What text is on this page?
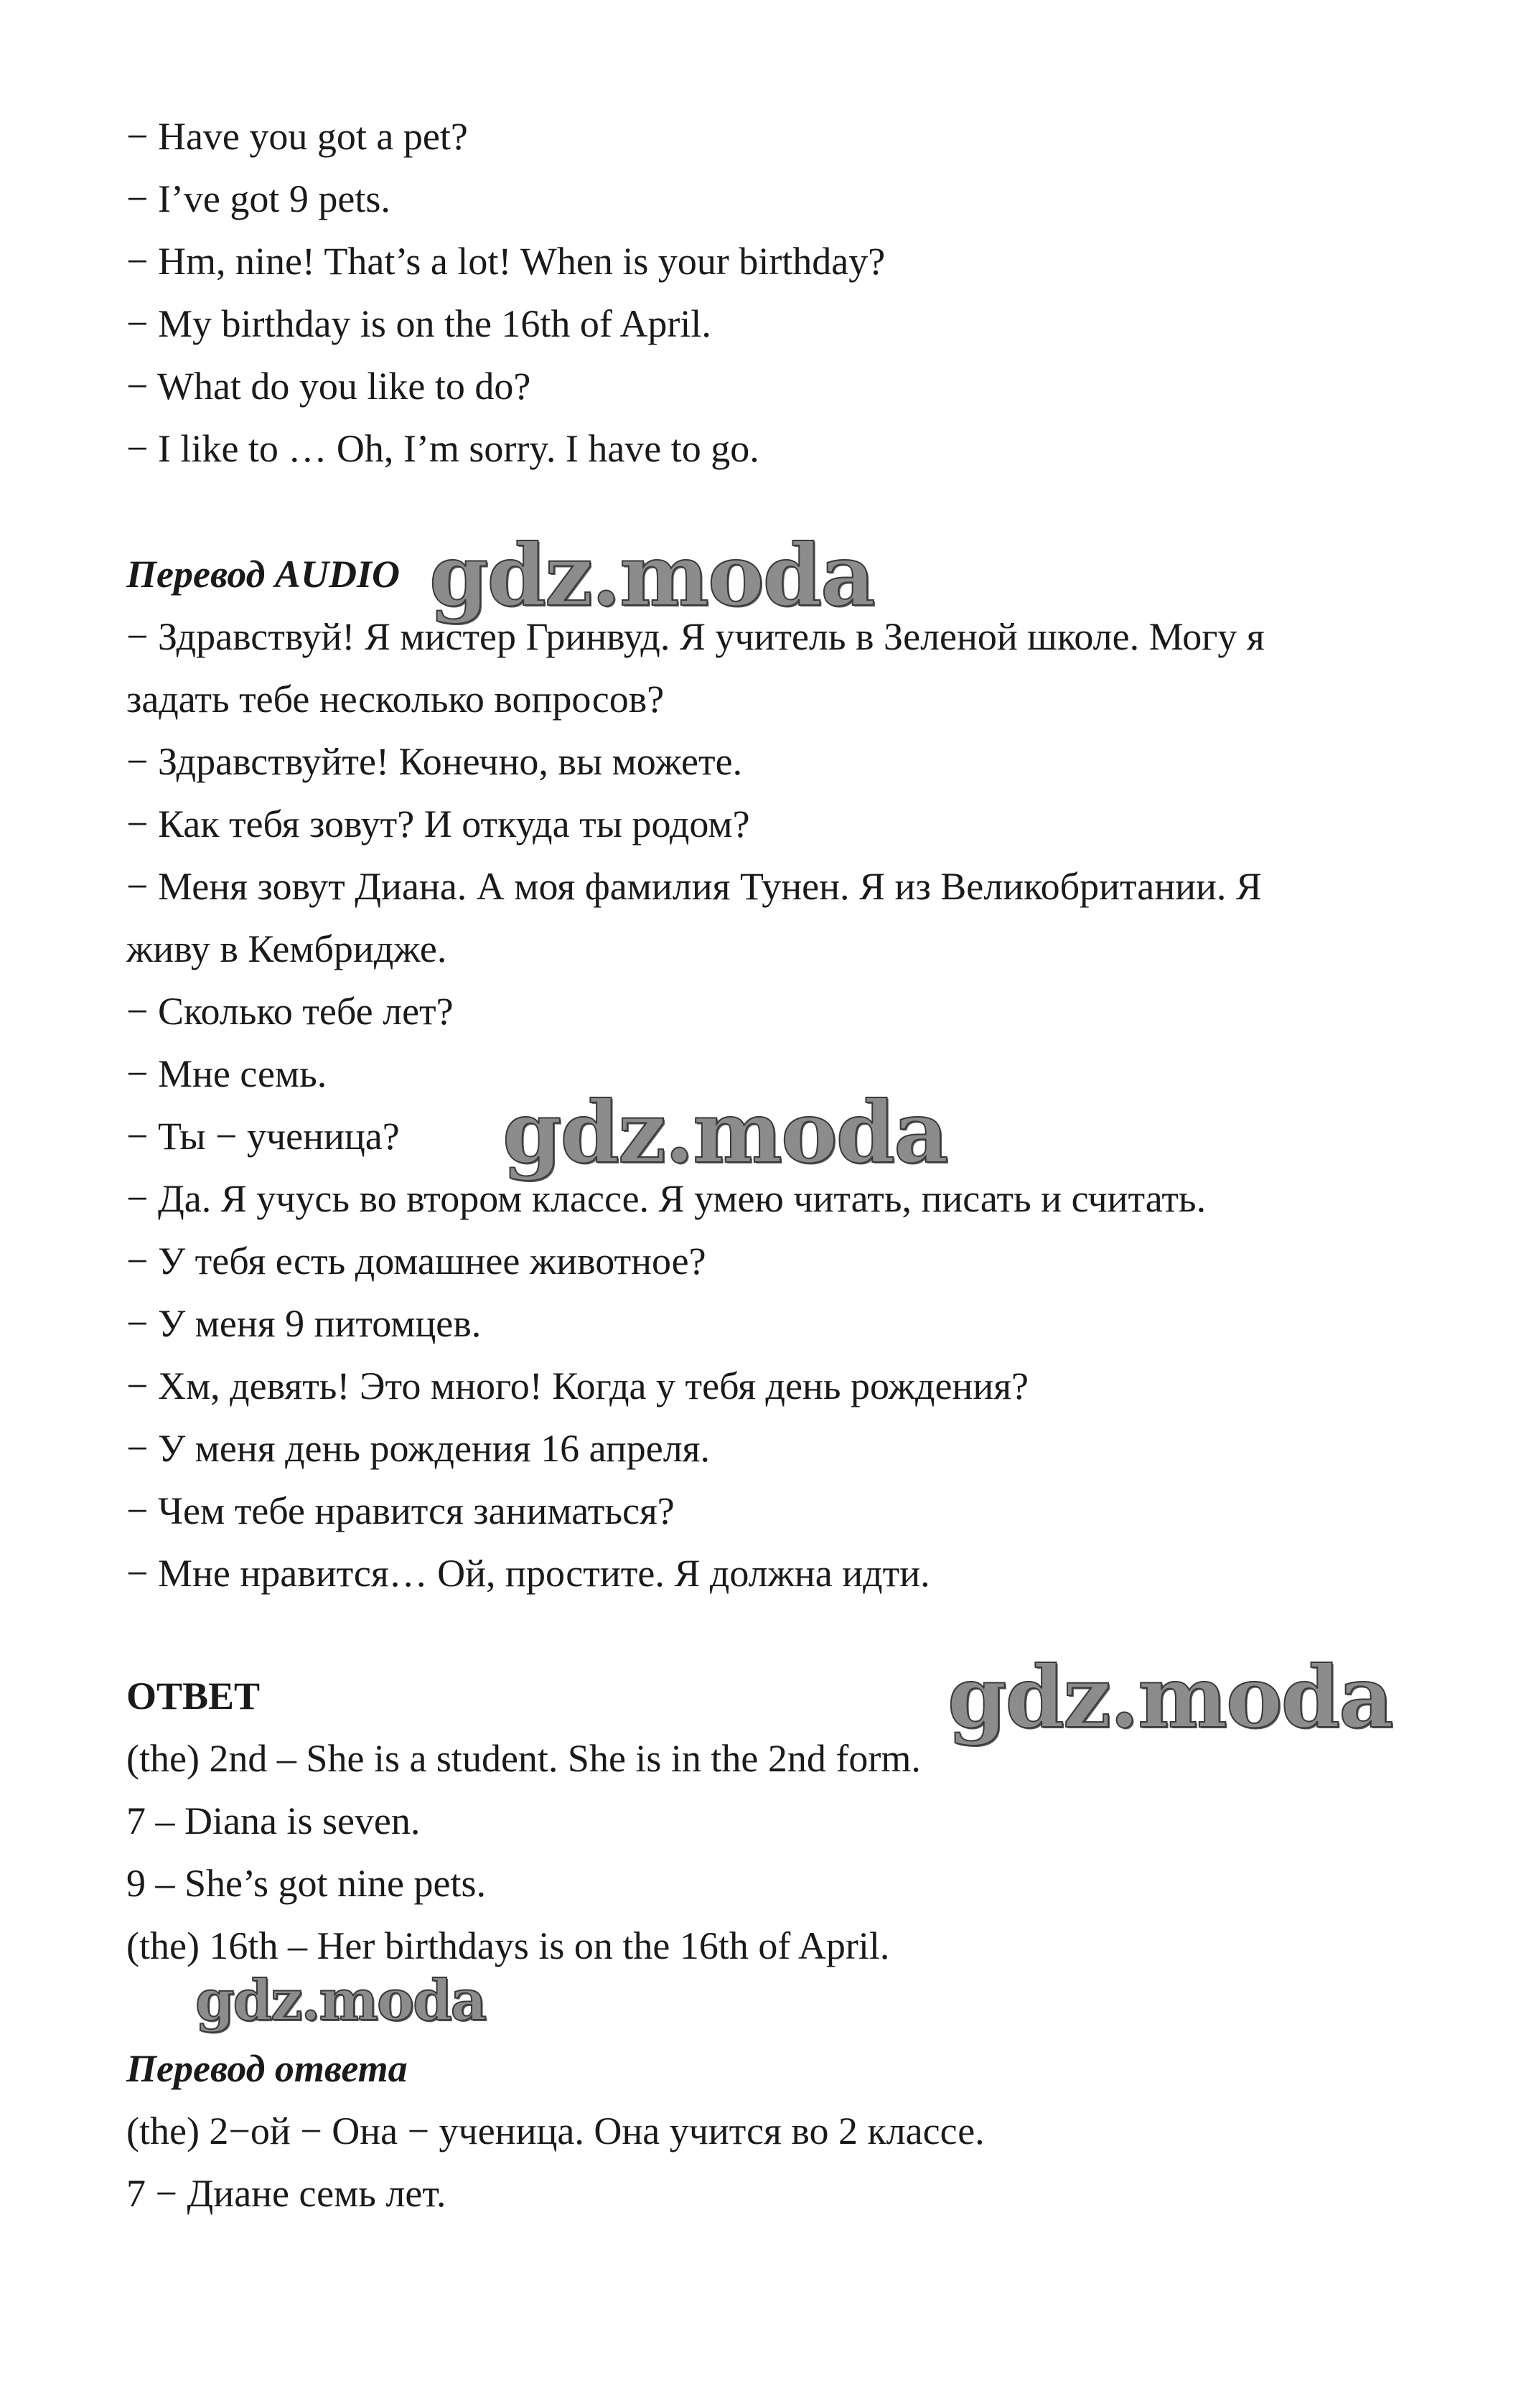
− Have you got a pet?
− I’ve got 9 pets.
− Hm, nine! That’s a lot! When is your birthday?
− My birthday is on the 16th of April.
− What do you like to do?
− I like to … Oh, I’m sorry. I have to go.
Перевод AUDIO gdz.moda
− Здравствуй! Я мистер Гринвуд. Я учитель в Зеленой школе. Могу я
задать тебе несколько вопросов?
− Здравствуйте! Конечно, вы можете.
− Как тебя зовут? И откуда ты родом?
− Меня зовут Диана. А моя фамилия Тунен. Я из Великобритании. Я
живу в Кембридже.
− Сколько тебе лет?
− Мне семь.
− Ты − ученица? gdz.moda
− Да. Я учусь во втором классе. Я умею читать, писать и считать.
− У тебя есть домашнее животное?
− У меня 9 питомцев.
− Хм, девять! Это много! Когда у тебя день рождения?
− У меня день рождения 16 апреля.
− Чем тебе нравится заниматься?
− Мне нравится… Ой, простите. Я должна идти.
ОТВЕТ	gdz.moda
(the) 2nd – She is a student. She is in the 2nd form.
7 – Diana is seven.
9 – She’s got nine pets.
(the) 16th – Her birthdays is on the 16th of April.
gdz.moda
Перевод ответа
(the) 2−ой − Она − ученица. Она учится во 2 классе.
7 − Диане семь лет.
